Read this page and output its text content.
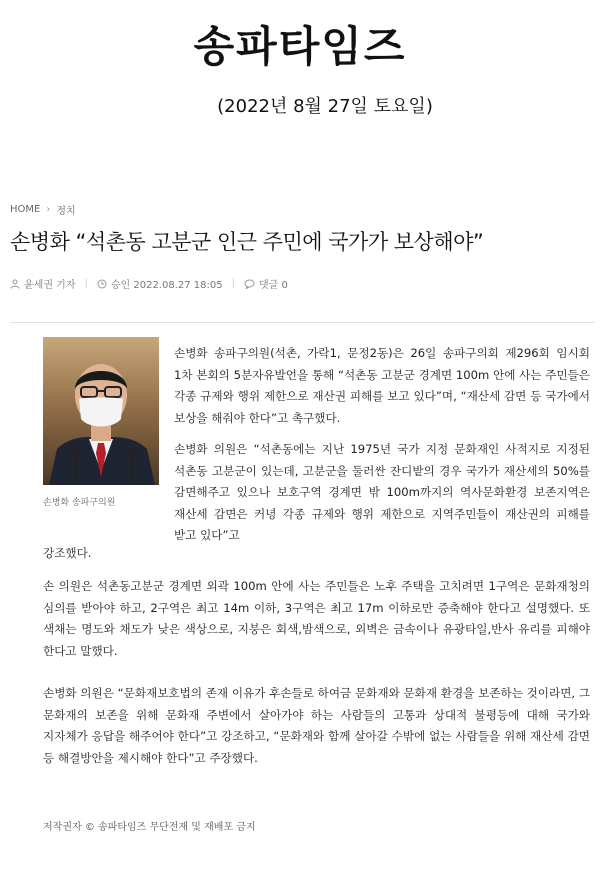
송파타임즈
(2022년 8월 27일 토요일)
HOME › 정치
손병화 “석촌동 고분군 인근 주민에 국가가 보상해야”
윤세권 기자 | 승인 2022.08.27 18:05 | 댓글 0
손병화 송파구의원
손병화 송파구의원(석촌, 가락1, 문정2동)은 26일 송파구의회 제296회 임시회 1차 본회의 5분자유발언을 통해 “석촌동 고분군 경계면 100m 안에 사는 주민들은 각종 규제와 행위 제한으로 재산권 피해를 보고 있다”며, “재산세 감면 등 국가에서 보상을 해줘야 한다”고 촉구했다.
손병화 의원은 “석촌동에는 지난 1975년 국가 지정 문화재인 사적지로 지정된 석촌동 고분군이 있는데, 고분군을 둘러싼 잔디밭의 경우 국가가 재산세의 50%를 감면해주고 있으나 보호구역 경계면 밖 100m까지의 역사문화환경 보존지역은 재산세 감면은 커녕 각종 규제와 행위 제한으로 지역주민들이 재산권의 피해를 받고 있다”고
강조했다.
손 의원은 석촌동고분군 경계면 외곽 100m 안에 사는 주민들은 노후 주택을 고치려면 1구역은 문화재청의 심의를 받아야 하고, 2구역은 최고 14m 이하, 3구역은 최고 17m 이하로만 증축해야 한다고 설명했다. 또 색채는 명도와 채도가 낮은 색상으로, 지붕은 회색,밤색으로, 외벽은 금속이나 유광타일,반사 유리를 피해야 한다고 말했다.
손병화 의원은 “문화재보호법의 존재 이유가 후손들로 하여금 문화재와 문화재 환경을 보존하는 것이라면, 그 문화재의 보존을 위해 문화재 주변에서 살아가야 하는 사람들의 고통과 상대적 불평등에 대해 국가와 지자체가 응답을 해주어야 한다”고 강조하고, “문화재와 함께 살아갈 수밖에 없는 사람들을 위해 재산세 감면 등 해결방안을 제시해야 한다”고 주장했다.
저작권자 © 송파타임즈 무단전재 및 재배포 금지
